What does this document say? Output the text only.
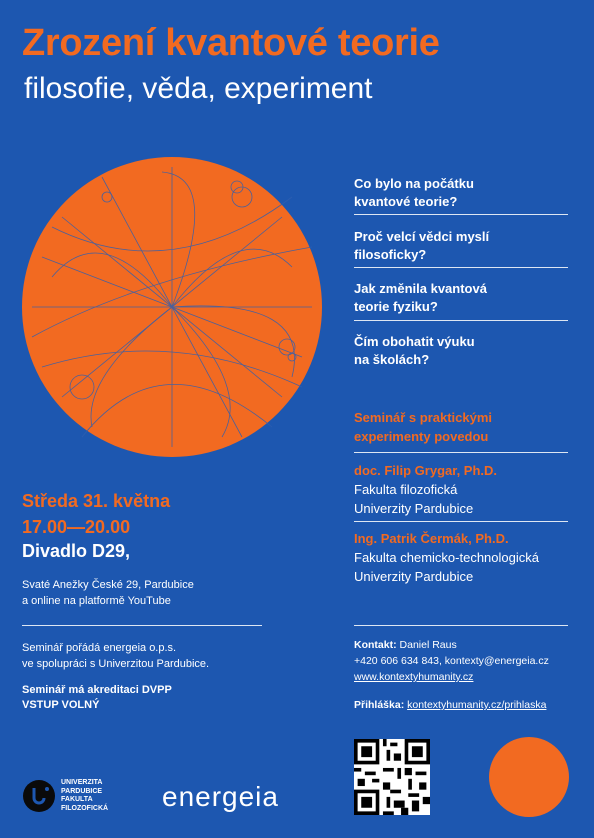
Zrození kvantové teorie
filosofie, věda, experiment
Co bylo na počátku
kvantové teorie?
Proč velcí vědci myslí
filosoficky?
Jak změnila kvantová
teorie fyziku?
Čím obohatit výuku
na školách?
Seminář s praktickými
experimenty povedou
doc. Filip Grygar, Ph.D.
Fakulta filozofická
Univerzity Pardubice
Ing. Patrik Čermák, Ph.D.
Fakulta chemicko-technologická
Univerzity Pardubice
Středa 31. května
17.00—20.00
Divadlo D29,
Svaté Anežky České 29, Pardubice
a online na platformě YouTube
Seminář pořádá energeia o.p.s.
ve spolupráci s Univerzitou Pardubice.
Seminář má akreditaci DVPP
VSTUP VOLNÝ
Kontakt: Daniel Raus
+420 606 634 843, kontexty@energeia.cz
www.kontextyhumanity.cz
Přihláška: kontextyhumanity.cz/prihlaska
UNIVERZITA
PARDUBICE
FAKULTA
FILOZOFICKÁ energeia
